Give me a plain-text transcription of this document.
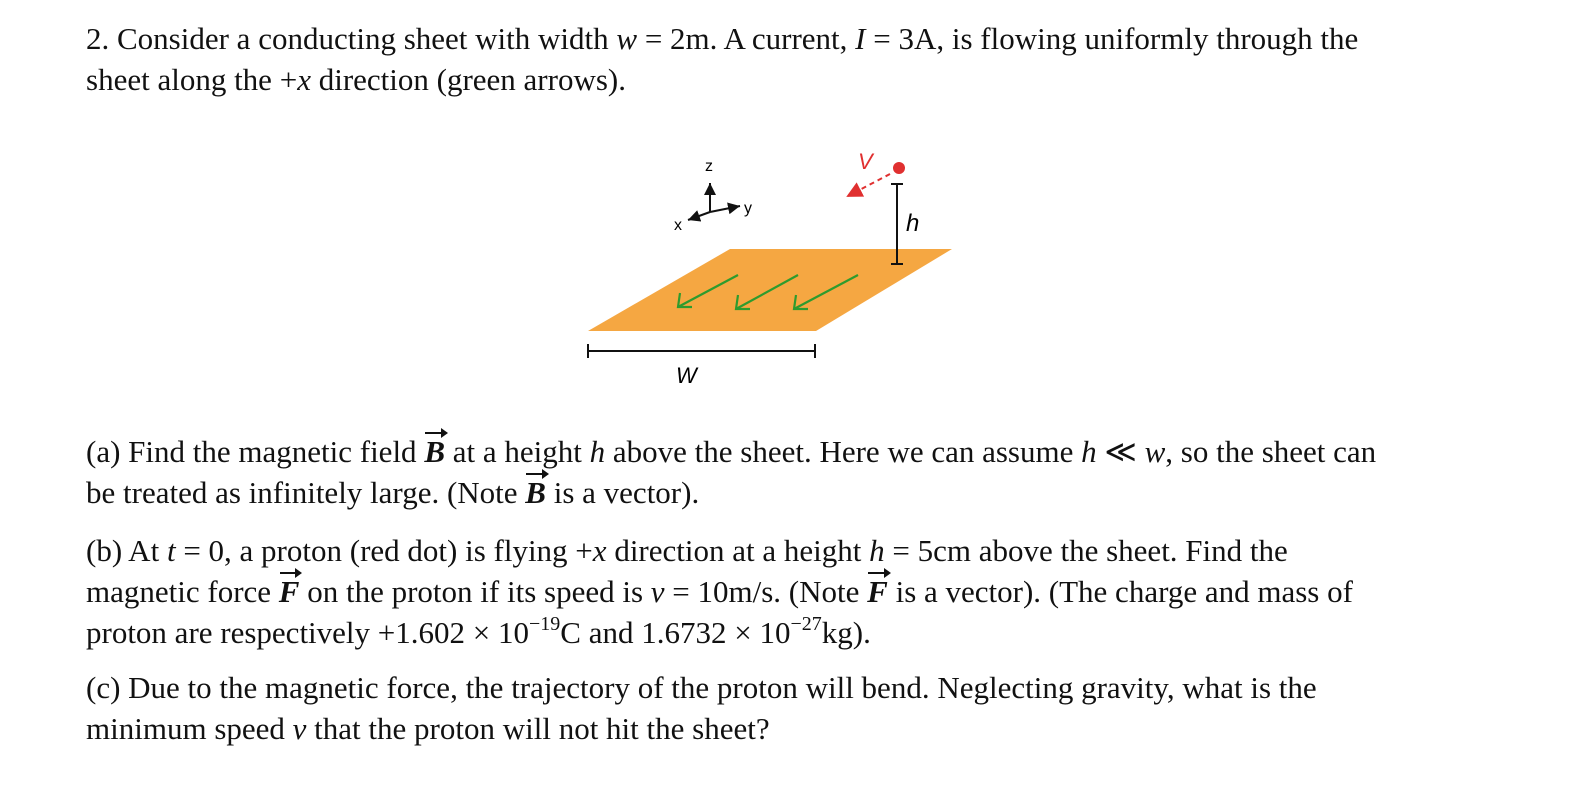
2. Consider a conducting sheet with width w = 2m. A current, I = 3A, is flowing uniformly through the
sheet along the +x direction (green arrows).

z
y
x
V
h
W

(a) Find the magnetic field B at a height h above the sheet. Here we can assume h ≪ w, so the sheet can
be treated as infinitely large. (Note B is a vector).

(b) At t = 0, a proton (red dot) is flying +x direction at a height h = 5cm above the sheet. Find the
magnetic force F on the proton if its speed is v = 10m/s. (Note F is a vector). (The charge and mass of
proton are respectively $+1.602 \times 10^{-19}C$ and $1.6732 \times 10^{-27}kg$).

(c) Due to the magnetic force, the trajectory of the proton will bend. Neglecting gravity, what is the
minimum speed v that the proton will not hit the sheet?
